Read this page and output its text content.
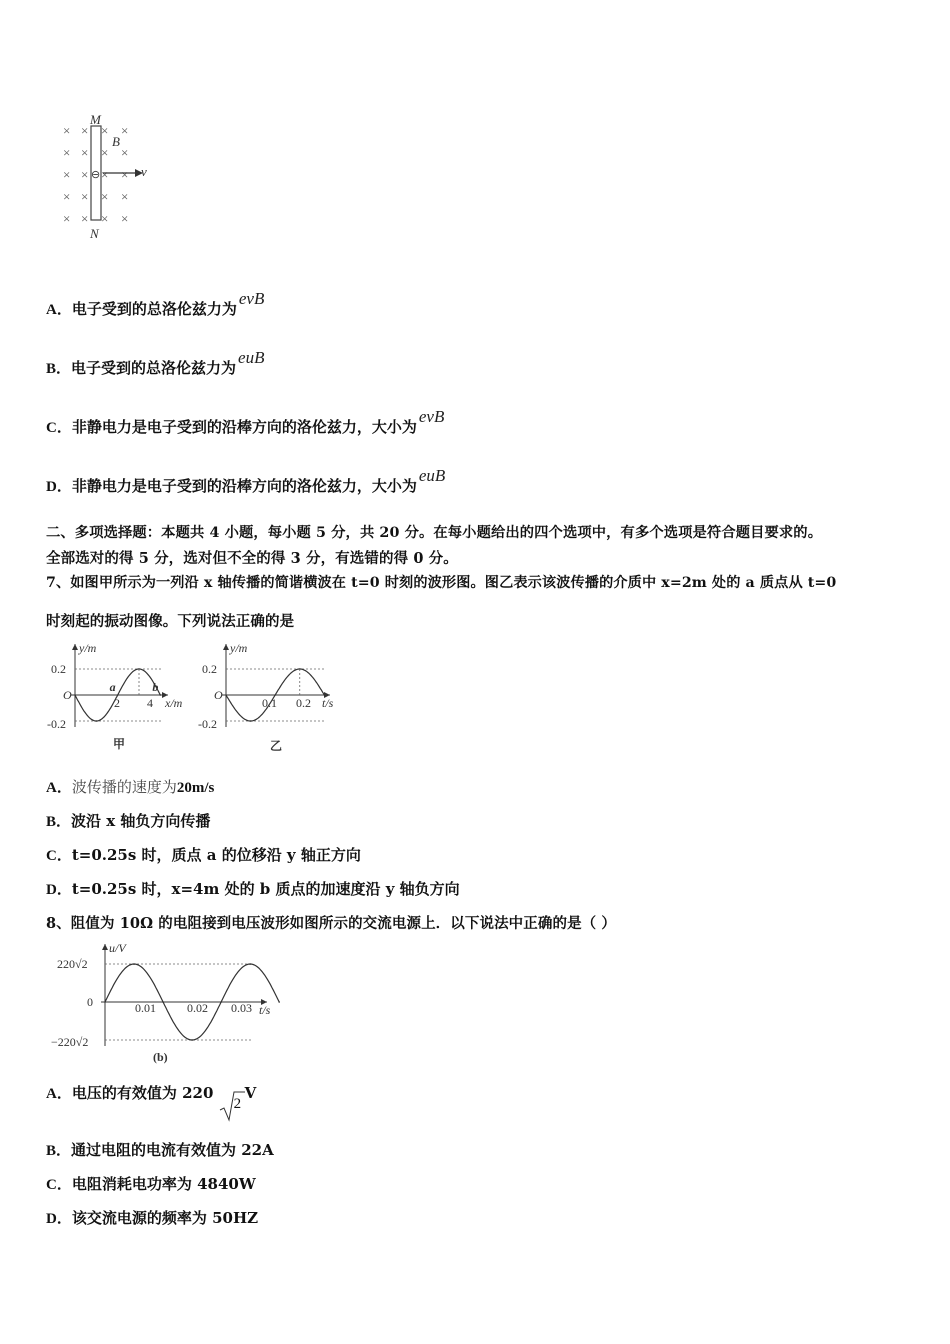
× × × ×
× × × ×
× × × ×
× × × ×
× × × ×
M
B
N
⊖	v
A．电子受到的总洛伦兹力为evB
B．电子受到的总洛伦兹力为euB
C．非静电力是电子受到的沿棒方向的洛伦兹力，大小为evB
D．非静电力是电子受到的沿棒方向的洛伦兹力，大小为euB
二、多项选择题：本题共 4 小题，每小题 5 分，共 20 分。在每小题给出的四个选项中，有多个选项是符合题目要求的。
全部选对的得 5 分，选对但不全的得 3 分，有选错的得 0 分。
7、如图甲所示为一列沿 x 轴传播的简谐横波在 t=0 时刻的波形图。图乙表示该波传播的介质中 x=2m 处的 a 质点从 t=0
时刻起的振动图像。下列说法正确的是
y/m
x/m
O
0.2
-0.2
2 4
a	b
甲
y/m
t/s
O
0.2
-0.2
0.1 0.2
乙
A．波传播的速度为20m/s
B．波沿 x 轴负方向传播
C．t=0.25s 时，质点 a 的位移沿 y 轴正方向
D．t=0.25s 时，x=4m 处的 b 质点的加速度沿 y 轴负方向
8、阻值为 10Ω 的电阻接到电压波形如图所示的交流电源上．以下说法中正确的是（ ）
u/V
t/s
220√2
0
−220√2
0.01	0.02 0.03
(b)
A．电压的有效值为 220
2
V
B．通过电阻的电流有效值为 22A
C．电阻消耗电功率为 4840W
D．该交流电源的频率为 50HZ
